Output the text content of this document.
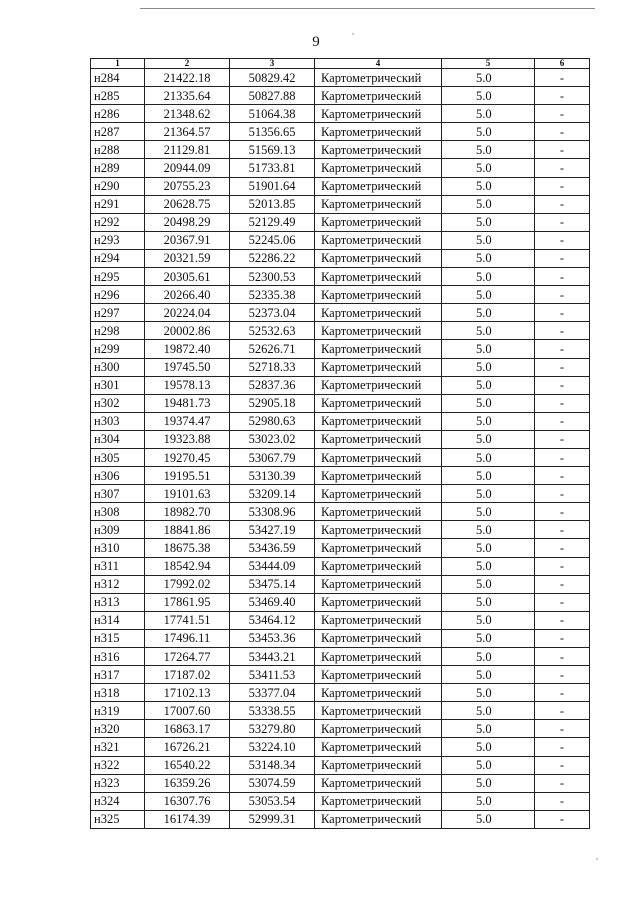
9
1	2	3	4	5	6
н284	21422.18	50829.42	Картометрический	5.0	-
н285	21335.64	50827.88	Картометрический	5.0	-
н286	21348.62	51064.38	Картометрический	5.0	-
н287	21364.57	51356.65	Картометрический	5.0	-
н288	21129.81	51569.13	Картометрический	5.0	-
н289	20944.09	51733.81	Картометрический	5.0	-
н290	20755.23	51901.64	Картометрический	5.0	-
н291	20628.75	52013.85	Картометрический	5.0	-
н292	20498.29	52129.49	Картометрический	5.0	-
н293	20367.91	52245.06	Картометрический	5.0	-
н294	20321.59	52286.22	Картометрический	5.0	-
н295	20305.61	52300.53	Картометрический	5.0	-
н296	20266.40	52335.38	Картометрический	5.0	-
н297	20224.04	52373.04	Картометрический	5.0	-
н298	20002.86	52532.63	Картометрический	5.0	-
н299	19872.40	52626.71	Картометрический	5.0	-
н300	19745.50	52718.33	Картометрический	5.0	-
н301	19578.13	52837.36	Картометрический	5.0	-
н302	19481.73	52905.18	Картометрический	5.0	-
н303	19374.47	52980.63	Картометрический	5.0	-
н304	19323.88	53023.02	Картометрический	5.0	-
н305	19270.45	53067.79	Картометрический	5.0	-
н306	19195.51	53130.39	Картометрический	5.0	-
н307	19101.63	53209.14	Картометрический	5.0	-
н308	18982.70	53308.96	Картометрический	5.0	-
н309	18841.86	53427.19	Картометрический	5.0	-
н310	18675.38	53436.59	Картометрический	5.0	-
н311	18542.94	53444.09	Картометрический	5.0	-
н312	17992.02	53475.14	Картометрический	5.0	-
н313	17861.95	53469.40	Картометрический	5.0	-
н314	17741.51	53464.12	Картометрический	5.0	-
н315	17496.11	53453.36	Картометрический	5.0	-
н316	17264.77	53443.21	Картометрический	5.0	-
н317	17187.02	53411.53	Картометрический	5.0	-
н318	17102.13	53377.04	Картометрический	5.0	-
н319	17007.60	53338.55	Картометрический	5.0	-
н320	16863.17	53279.80	Картометрический	5.0	-
н321	16726.21	53224.10	Картометрический	5.0	-
н322	16540.22	53148.34	Картометрический	5.0	-
н323	16359.26	53074.59	Картометрический	5.0	-
н324	16307.76	53053.54	Картометрический	5.0	-
н325	16174.39	52999.31	Картометрический	5.0	-
